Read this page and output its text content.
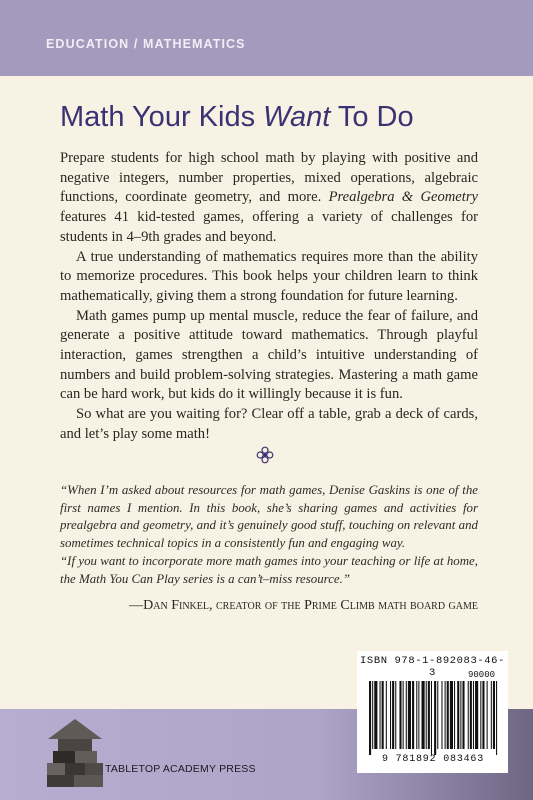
EDUCATION / MATHEMATICS
Math Your Kids Want To Do

Prepare students for high school math by playing with positive and negative integers, number properties, mixed operations, algebraic functions, coordinate geometry, and more. Prealgebra & Geometry features 41 kid-tested games, offering a variety of challenges for students in 4–9th grades and beyond.

A true understanding of mathematics requires more than the ability to memorize procedures. This book helps your children learn to think mathematically, giving them a strong foundation for future learning.

Math games pump up mental muscle, reduce the fear of failure, and generate a positive attitude toward mathematics. Through playful interaction, games strengthen a child’s intuitive understanding of numbers and build problem-solving strategies. Mastering a math game can be hard work, but kids do it willingly because it is fun.

So what are you waiting for? Clear off a table, grab a deck of cards, and let’s play some math!

“When I’m asked about resources for math games, Denise Gaskins is one of the first names I mention. In this book, she’s sharing games and activities for prealgebra and geometry, and it’s genuinely good stuff, touching on relevant and sometimes technical topics in a consistently fun and engaging way.

“If you want to incorporate more math games into your teaching or life at home, the Math You Can Play series is a can’t–miss resource.”

—Dan Finkel, creator of the Prime Climb math board game
TABLETOP ACADEMY PRESS
ISBN 978-1-892083-46-3	90000
9 781892 083463
